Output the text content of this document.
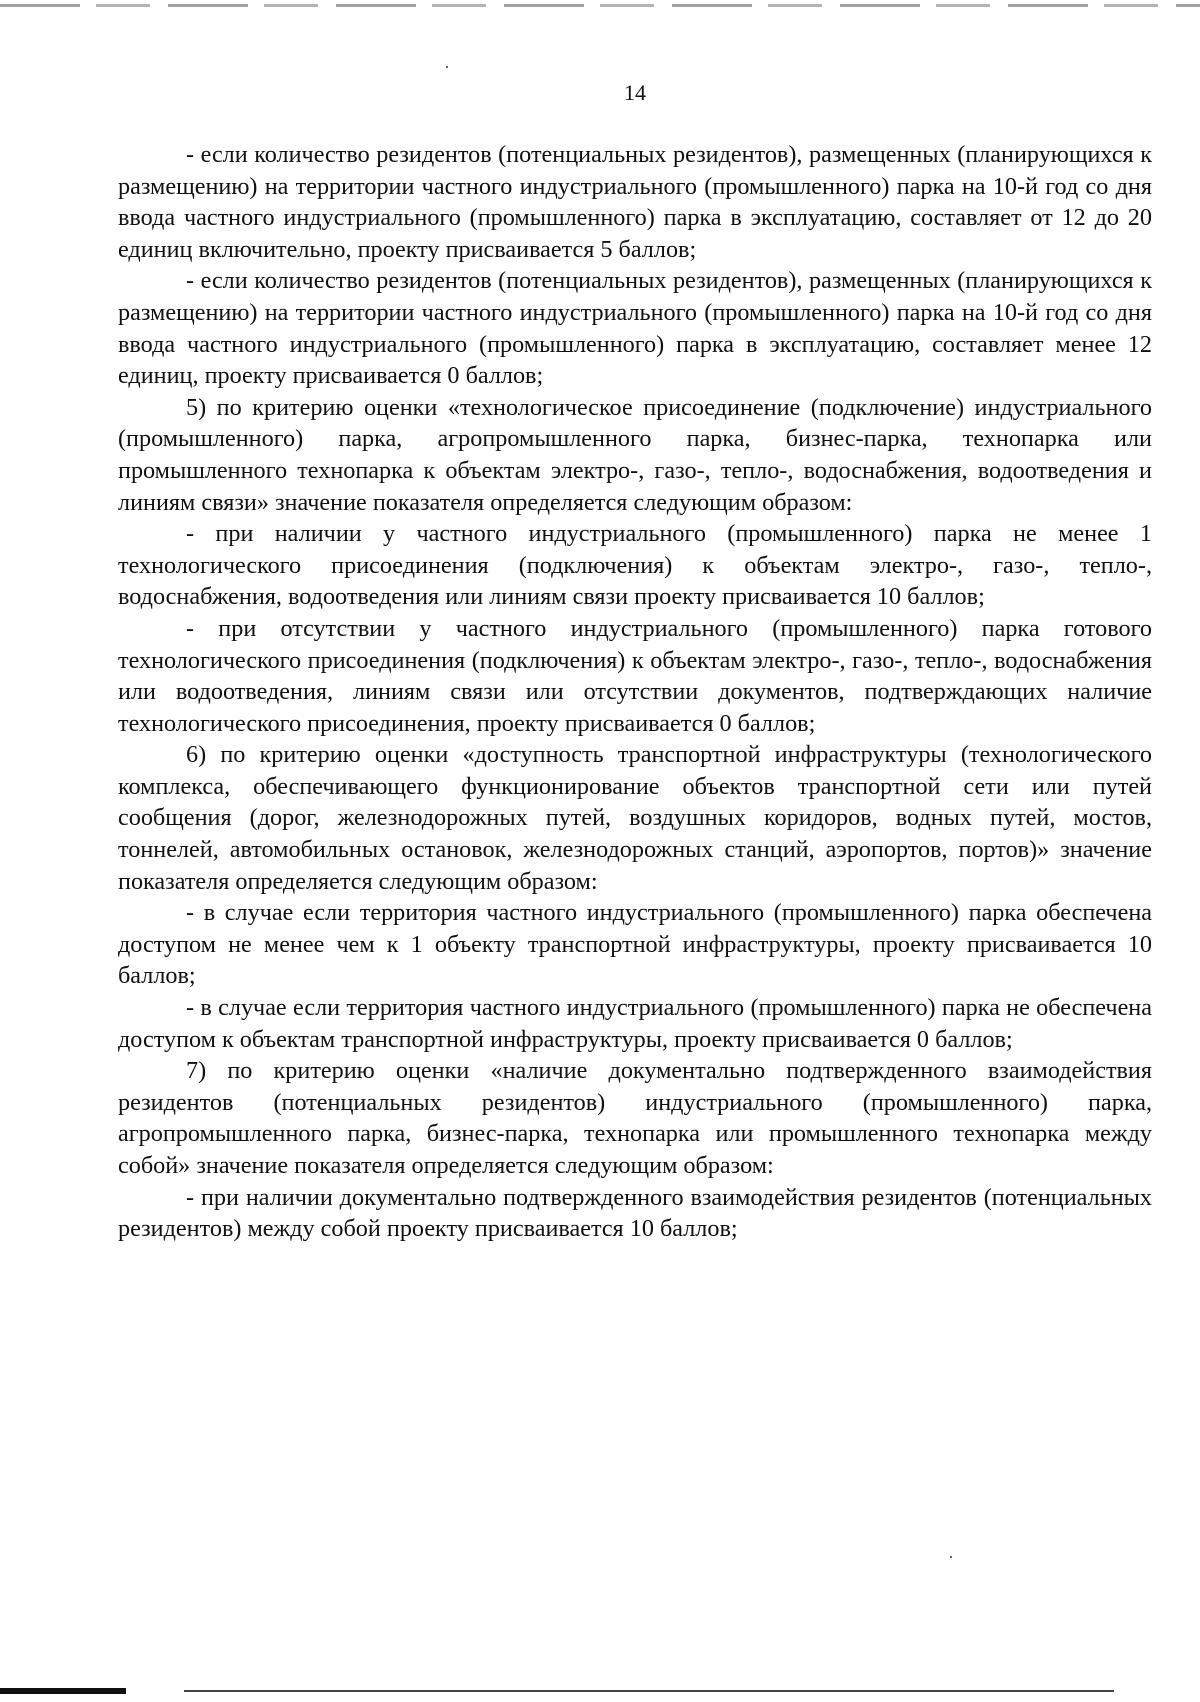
14

- если количество резидентов (потенциальных резидентов), размещенных (планирующихся к размещению) на территории частного индустриального (промышленного) парка на 10-й год со дня ввода частного индустриального (промышленного) парка в эксплуатацию, составляет от 12 до 20 единиц включительно, проекту присваивается 5 баллов;

- если количество резидентов (потенциальных резидентов), размещенных (планирующихся к размещению) на территории частного индустриального (промышленного) парка на 10-й год со дня ввода частного индустриального (промышленного) парка в эксплуатацию, составляет менее 12 единиц, проекту присваивается 0 баллов;

5) по критерию оценки «технологическое присоединение (подключение) индустриального (промышленного) парка, агропромышленного парка, бизнес-парка, технопарка или промышленного технопарка к объектам электро-, газо-, тепло-, водоснабжения, водоотведения и линиям связи» значение показателя определяется следующим образом:

- при наличии у частного индустриального (промышленного) парка не менее 1 технологического присоединения (подключения) к объектам электро-, газо-, тепло-, водоснабжения, водоотведения или линиям связи проекту присваивается 10 баллов;

- при отсутствии у частного индустриального (промышленного) парка готового технологического присоединения (подключения) к объектам электро-, газо-, тепло-, водоснабжения или водоотведения, линиям связи или отсутствии документов, подтверждающих наличие технологического присоединения, проекту присваивается 0 баллов;

6) по критерию оценки «доступность транспортной инфраструктуры (технологического комплекса, обеспечивающего функционирование объектов транспортной сети или путей сообщения (дорог, железнодорожных путей, воздушных коридоров, водных путей, мостов, тоннелей, автомобильных остановок, железнодорожных станций, аэропортов, портов)» значение показателя определяется следующим образом:

- в случае если территория частного индустриального (промышленного) парка обеспечена доступом не менее чем к 1 объекту транспортной инфраструктуры, проекту присваивается 10 баллов;

- в случае если территория частного индустриального (промышленного) парка не обеспечена доступом к объектам транспортной инфраструктуры, проекту присваивается 0 баллов;

7) по критерию оценки «наличие документально подтвержденного взаимодействия резидентов (потенциальных резидентов) индустриального (промышленного) парка, агропромышленного парка, бизнес-парка, технопарка или промышленного технопарка между собой» значение показателя определяется следующим образом:

- при наличии документально подтвержденного взаимодействия резидентов (потенциальных резидентов) между собой проекту присваивается 10 баллов;
